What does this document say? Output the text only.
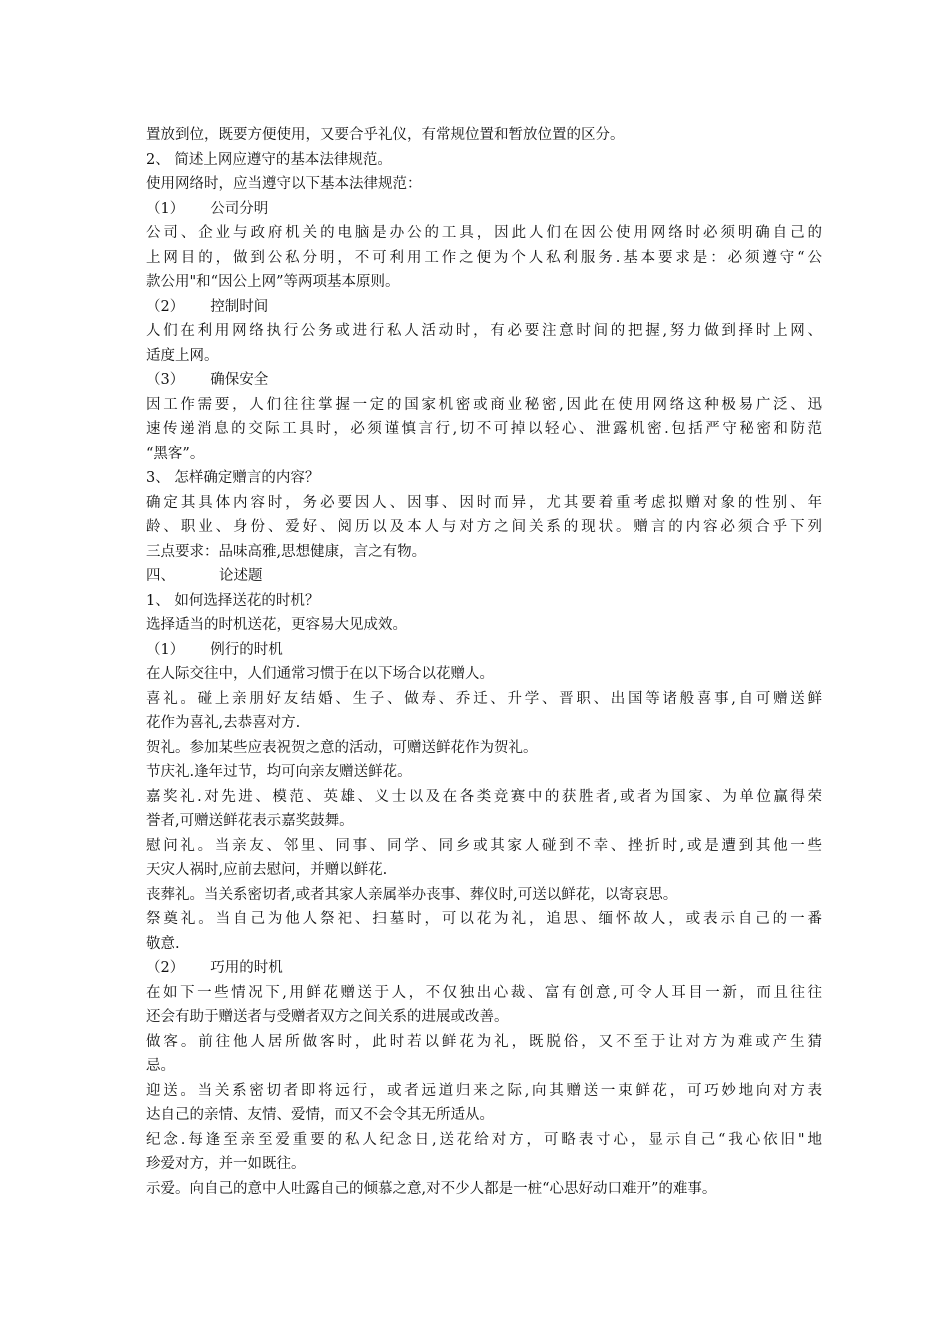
置放到位，既要方便使用，又要合乎礼仪，有常规位置和暂放位置的区分。
2、 简述上网应遵守的基本法律规范。
使用网络时，应当遵守以下基本法律规范：
（1） 公司分明
公司、企业与政府机关的电脑是办公的工具，因此人们在因公使用网络时必须明确自己的
上网目的，做到公私分明，不可利用工作之便为个人私利服务.基本要求是：必须遵守“公
款公用"和“因公上网”等两项基本原则。
（2） 控制时间
人们在利用网络执行公务或进行私人活动时，有必要注意时间的把握,努力做到择时上网、
适度上网。
（3） 确保安全
因工作需要，人们往往掌握一定的国家机密或商业秘密,因此在使用网络这种极易广泛、迅
速传递消息的交际工具时，必须谨慎言行,切不可掉以轻心、泄露机密.包括严守秘密和防范
“黑客”。
3、 怎样确定赠言的内容？
确定其具体内容时，务必要因人、因事、因时而异，尤其要着重考虑拟赠对象的性别、年
龄、职业、身份、爱好、阅历以及本人与对方之间关系的现状。赠言的内容必须合乎下列
三点要求：品味高雅,思想健康，言之有物。
四、	论述题
1、 如何选择送花的时机？
选择适当的时机送花，更容易大见成效。
（1） 例行的时机
在人际交往中，人们通常习惯于在以下场合以花赠人。
喜礼。碰上亲朋好友结婚、生子、做寿、乔迁、升学、晋职、出国等诸般喜事,自可赠送鲜
花作为喜礼,去恭喜对方.
贺礼。参加某些应表祝贺之意的活动，可赠送鲜花作为贺礼。
节庆礼.逢年过节，均可向亲友赠送鲜花。
嘉奖礼.对先进、模范、英雄、义士以及在各类竞赛中的获胜者,或者为国家、为单位赢得荣
誉者,可赠送鲜花表示嘉奖鼓舞。
慰问礼。当亲友、邻里、同事、同学、同乡或其家人碰到不幸、挫折时,或是遭到其他一些
天灾人祸时,应前去慰问，并赠以鲜花.
丧葬礼。当关系密切者,或者其家人亲属举办丧事、葬仪时,可送以鲜花，以寄哀思。
祭奠礼。当自己为他人祭祀、扫墓时，可以花为礼，追思、缅怀故人，或表示自己的一番
敬意.
（2） 巧用的时机
在如下一些情况下,用鲜花赠送于人，不仅独出心裁、富有创意,可令人耳目一新，而且往往
还会有助于赠送者与受赠者双方之间关系的进展或改善。
做客。前往他人居所做客时，此时若以鲜花为礼，既脱俗，又不至于让对方为难或产生猜
忌。
迎送。当关系密切者即将远行，或者远道归来之际,向其赠送一束鲜花，可巧妙地向对方表
达自己的亲情、友情、爱情，而又不会令其无所适从。
纪念.每逢至亲至爱重要的私人纪念日,送花给对方，可略表寸心，显示自己“我心依旧"地
珍爱对方，并一如既往。
示爱。向自己的意中人吐露自己的倾慕之意,对不少人都是一桩“心思好动口难开”的难事。
